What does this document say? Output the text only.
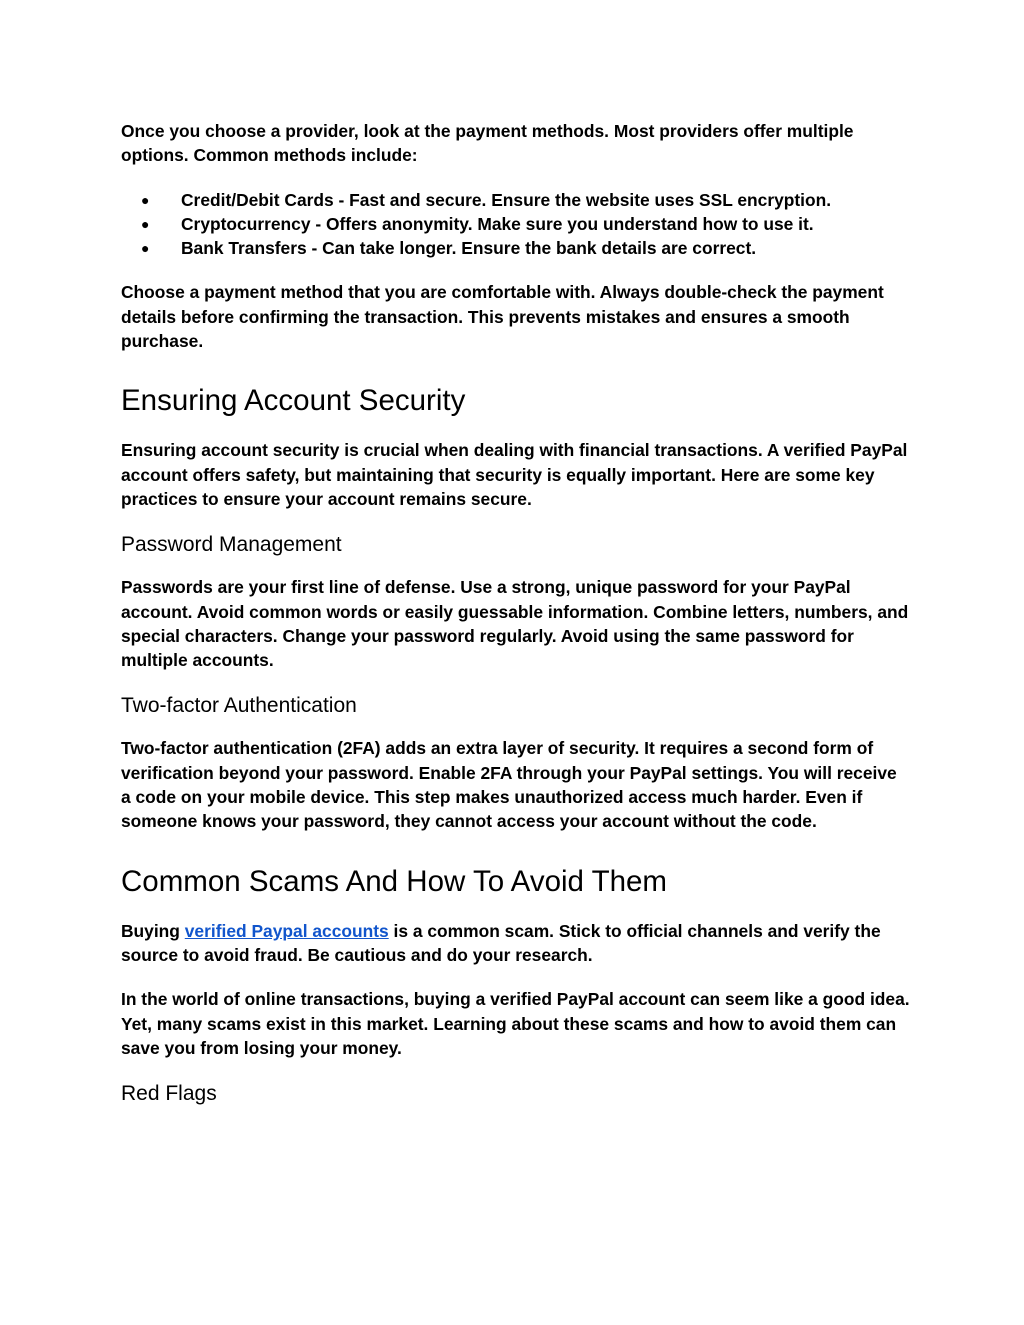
Once you choose a provider, look at the payment methods. Most providers offer multiple options. Common methods include:

● Credit/Debit Cards - Fast and secure. Ensure the website uses SSL encryption.
● Cryptocurrency - Offers anonymity. Make sure you understand how to use it.
● Bank Transfers - Can take longer. Ensure the bank details are correct.

Choose a payment method that you are comfortable with. Always double-check the payment details before confirming the transaction. This prevents mistakes and ensures a smooth purchase.

Ensuring Account Security

Ensuring account security is crucial when dealing with financial transactions. A verified PayPal account offers safety, but maintaining that security is equally important. Here are some key practices to ensure your account remains secure.

Password Management

Passwords are your first line of defense. Use a strong, unique password for your PayPal account. Avoid common words or easily guessable information. Combine letters, numbers, and special characters. Change your password regularly. Avoid using the same password for multiple accounts.

Two-factor Authentication

Two-factor authentication (2FA) adds an extra layer of security. It requires a second form of verification beyond your password. Enable 2FA through your PayPal settings. You will receive a code on your mobile device. This step makes unauthorized access much harder. Even if someone knows your password, they cannot access your account without the code.

Common Scams And How To Avoid Them

Buying verified Paypal accounts is a common scam. Stick to official channels and verify the source to avoid fraud. Be cautious and do your research.

In the world of online transactions, buying a verified PayPal account can seem like a good idea. Yet, many scams exist in this market. Learning about these scams and how to avoid them can save you from losing your money.

Red Flags
